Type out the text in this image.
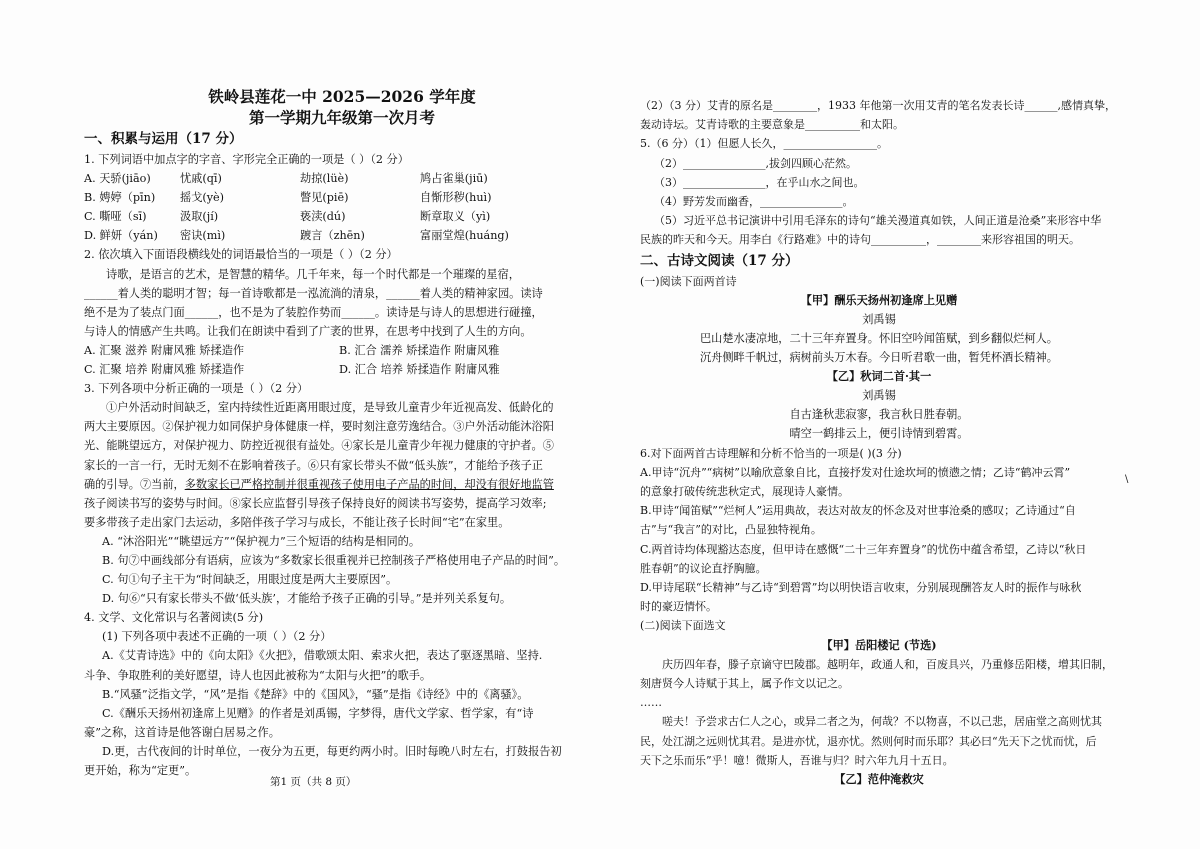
铁岭县莲花一中 2025—2026 学年度

第一学期九年级第一次月考

一、积累与运用（17 分）

1. 下列词语中加点字的字音、字形完全正确的一项是（ ）（2 分）

A. 天骄(jiāo)	忧戚(qī)	劫掠(lüè)	鸠占雀巢(jiū)
B. 娉婷（pīn)	摇戈(yè)	瞥见(piē)	自惭形秽(huì)
C. 嘶哑（sī)	汲取(jí)	亵渎(dú)	断章取义（yì)
D. 鲜妍（yán)	密诀(mì)	踱言（zhēn)	富丽堂煌(huáng)

2. 依次填入下面语段横线处的词语最恰当的一项是（ ）（2 分）

诗歌，是语言的艺术，是智慧的精华。几千年来，每一个时代都是一个璀璨的星宿，

______着人类的聪明才智；每一首诗歌都是一泓流淌的清泉，______着人类的精神家园。读诗

绝不是为了装点门面______，也不是为了装腔作势而______。读诗是与诗人的思想进行碰撞，

与诗人的情感产生共鸣。让我们在朗读中看到了广袤的世界，在思考中找到了人生的方向。

A. 汇聚 滋养 附庸风雅 矫揉造作	B. 汇合 濡养 矫揉造作 附庸风雅
C. 汇聚 培养 附庸风雅 矫揉造作	D. 汇合 培养 矫揉造作 附庸风雅

3. 下列各项中分析正确的一项是（ ）（2 分）

①户外活动时间缺乏，室内持续性近距离用眼过度，是导致儿童青少年近视高发、低龄化的

两大主要原因。②保护视力如同保护身体健康一样，要时刻注意劳逸结合。③户外活动能沐浴阳

光、能眺望远方，对保护视力、防控近视很有益处。④家长是儿童青少年视力健康的守护者。⑤

家长的一言一行，无时无刻不在影响着孩子。⑥只有家长带头不做“低头族”，才能给予孩子正

确的引导。⑦当前，多数家长已严格控制并很重视孩子使用电子产品的时间，却没有很好地监管

孩子阅读书写的姿势与时间。⑧家长应监督引导孩子保持良好的阅读书写姿势，提高学习效率;

要多带孩子走出家门去运动，多陪伴孩子学习与成长，不能让孩子长时间“宅”在家里。

A. “沐浴阳光”“眺望远方”“保护视力”三个短语的结构是相同的。

B. 句⑦中画线部分有语病，应该为“多数家长很重视并已控制孩子严格使用电子产品的时间”。

C. 句①句子主干为“时间缺乏，用眼过度是两大主要原因”。

D. 句⑥“只有家长带头不做‘低头族’，才能给予孩子正确的引导。”是并列关系复句。

4. 文学、文化常识与名著阅读(5 分)

(1) 下列各项中表述不正确的一项（ ）（2 分）

A.《艾青诗选》中的《向太阳》《火把》，借歌颂太阳、索求火把，表达了驱逐黑暗、坚持.

斗争、争取胜利的美好愿望，诗人也因此被称为“太阳与火把”的歌手。

B.“风骚”泛指文学，“风”是指《楚辞》中的《国风》，“骚”是指《诗经》中的《离骚》。

C.《酬乐天扬州初逢席上见赠》的作者是刘禹锡，字梦得，唐代文学家、哲学家，有“诗

豪”之称，这首诗是他答谢白居易之作。

D.更，古代夜间的计时单位，一夜分为五更，每更约两小时。旧时每晚八时左右，打鼓报告初

更开始，称为“定更”。

第1 页（共 8 页）

（2）（3 分）艾青的原名是________，1933 年他第一次用艾青的笔名发表长诗______,感情真挚，

轰动诗坛。艾青诗歌的主要意象是__________和太阳。

5.（6 分）（1）但愿人长久，_________________。

（2）_______________,拔剑四顾心茫然。

（3）_______________，在乎山水之间也。

（4）野芳发而幽香，_______________。

（5）习近平总书记演讲中引用毛泽东的诗句“雄关漫道真如铁，人间正道是沧桑”来形容中华

民族的昨天和今天。用李白《行路难》中的诗句__________，________来形容祖国的明天。

二、古诗文阅读（17 分）

(一)阅读下面两首诗

【甲】酬乐天扬州初逢席上见赠

刘禹锡

巴山楚水凄凉地，二十三年弃置身。怀旧空吟闻笛赋，到乡翻似烂柯人。

沉舟侧畔千帆过，病树前头万木春。今日听君歌一曲，暂凭杯酒长精神。

【乙】秋词二首·其一

刘禹锡

自古逢秋悲寂寥，我言秋日胜春朝。

晴空一鹤排云上，便引诗情到碧霄。

6.对下面两首古诗理解和分析不恰当的一项是( )(3 分)

A.甲诗“沉舟”“病树”以喻欣意象自比，直接抒发对仕途坎坷的愤懑之情；乙诗“鹤冲云霄”

的意象打破传统悲秋定式，展现诗人豪情。

B.甲诗“闻笛赋”“烂柯人”运用典故，表达对故友的怀念及对世事沧桑的感叹；乙诗通过“自

古”与“我言”的对比，凸显独特视角。

C.两首诗均体现豁达态度，但甲诗在感慨“二十三年弃置身”的忧伤中蕴含希望，乙诗以“秋日

胜春朝”的议论直抒胸臆。

D.甲诗尾联“长精神”与乙诗“到碧霄”均以明快语言收束，分别展现酬答友人时的振作与咏秋

时的豪迈情怀。

(二)阅读下面选文

【甲】岳阳楼记 (节选)

庆历四年春，滕子京谪守巴陵郡。越明年，政通人和，百废具兴，乃重修岳阳楼，增其旧制，

刻唐贤今人诗赋于其上，属予作文以记之。

……

嗟夫！予尝求古仁人之心，或异二者之为，何哉？不以物喜，不以己悲，居庙堂之高则忧其

民，处江湖之远则忧其君。是进亦忧，退亦忧。然则何时而乐耶？其必曰“先天下之忧而忧，后

天下之乐而乐”乎！噫！微斯人，吾谁与归？时六年九月十五日。

【乙】范仲淹救灾

\
